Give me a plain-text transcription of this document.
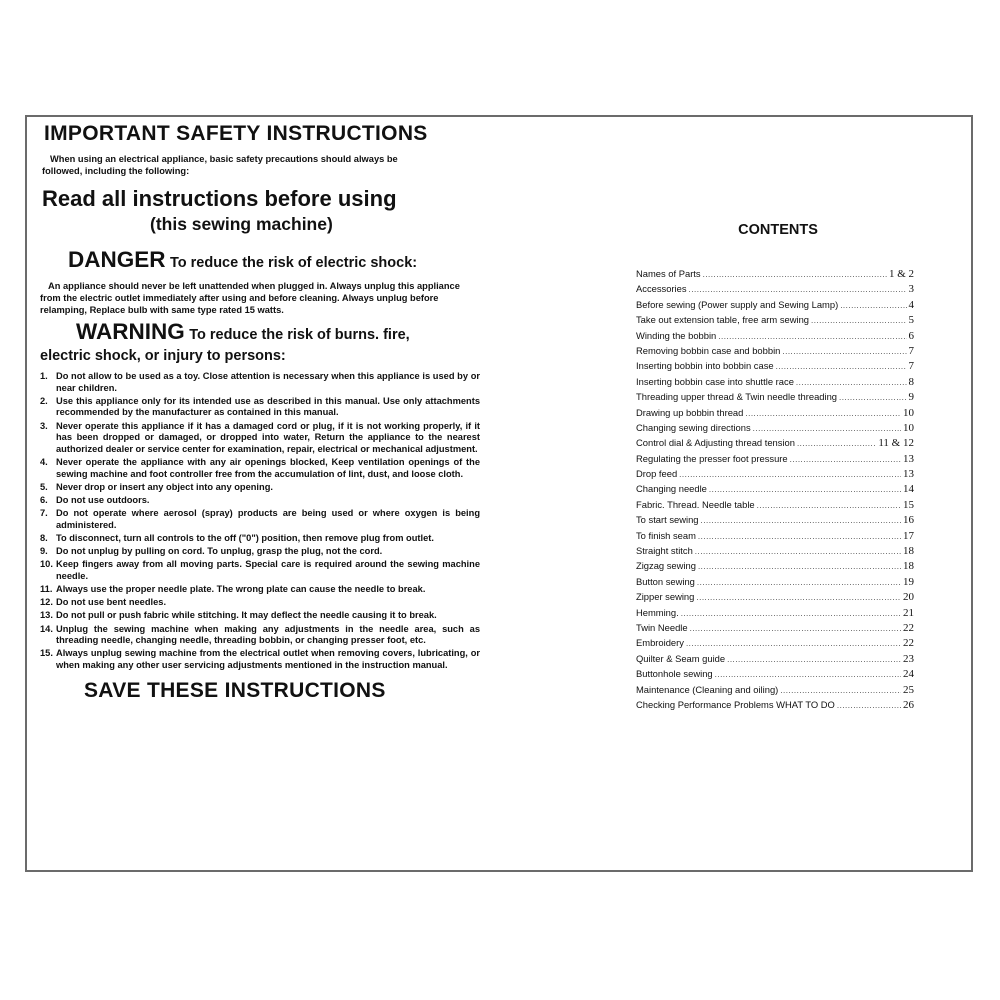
IMPORTANT SAFETY INSTRUCTIONS
When using an electrical appliance, basic safety precautions should always be
followed, including the following:
Read all instructions before using
(this sewing machine)
DANGER To reduce the risk of electric shock:
An appliance should never be left unattended when plugged in. Always unplug this appliance from the electric outlet immediately after using and before cleaning. Always unplug before relamping, Replace bulb with same type rated 15 watts.
WARNING To reduce the risk of burns. fire,
electric shock, or injury to persons:
1. Do not allow to be used as a toy. Close attention is necessary when this appliance is used by or near children.
2. Use this appliance only for its intended use as described in this manual. Use only attachments recommended by the manufacturer as contained in this manual.
3. Never operate this appliance if it has a damaged cord or plug, if it is not working properly, if it has been dropped or damaged, or dropped into water, Return the appliance to the nearest authorized dealer or service center for examination, repair, electrical or mechanical adjustment.
4. Never operate the appliance with any air openings blocked, Keep ventilation openings of the sewing machine and foot controller free from the accumulation of lint, dust, and loose cloth.
5. Never drop or insert any object into any opening.
6. Do not use outdoors.
7. Do not operate where aerosol (spray) products are being used or where oxygen is being administered.
8. To disconnect, turn all controls to the off ("0") position, then remove plug from outlet.
9. Do not unplug by pulling on cord. To unplug, grasp the plug, not the cord.
10. Keep fingers away from all moving parts. Special care is required around the sewing machine needle.
11. Always use the proper needle plate. The wrong plate can cause the needle to break.
12. Do not use bent needles.
13. Do not pull or push fabric while stitching. It may deflect the needle causing it to break.
14. Unplug the sewing machine when making any adjustments in the needle area, such as threading needle, changing needle, threading bobbin, or changing presser foot, etc.
15. Always unplug sewing machine from the electrical outlet when removing covers, lubricating, or when making any other user servicing adjustments mentioned in the instruction manual.
SAVE THESE INSTRUCTIONS
CONTENTS
Names of Parts .....	1 & 2
Accessories .....	3
Before sewing (Power supply and Sewing Lamp) .....	4
Take out extension table, free arm sewing .....	5
Winding the bobbin .....	6
Removing bobbin case and bobbin .....	7
Inserting bobbin into bobbin case .....	7
Inserting bobbin case into shuttle race .....	8
Threading upper thread & Twin needle threading .....	9
Drawing up bobbin thread .....	10
Changing sewing directions .....	10
Control dial & Adjusting thread tension .....	11 & 12
Regulating the presser foot pressure .....	13
Drop feed .....	13
Changing needle .....	14
Fabric. Thread. Needle table .....	15
To start sewing .....	16
To finish seam .....	17
Straight stitch .....	18
Zigzag sewing .....	18
Button sewing .....	19
Zipper sewing .....	20
Hemming. .....	21
Twin Needle .....	22
Embroidery .....	22
Quilter & Seam guide .....	23
Buttonhole sewing .....	24
Maintenance (Cleaning and oiling) .....	25
Checking Performance Problems WHAT TO DO .....	26
